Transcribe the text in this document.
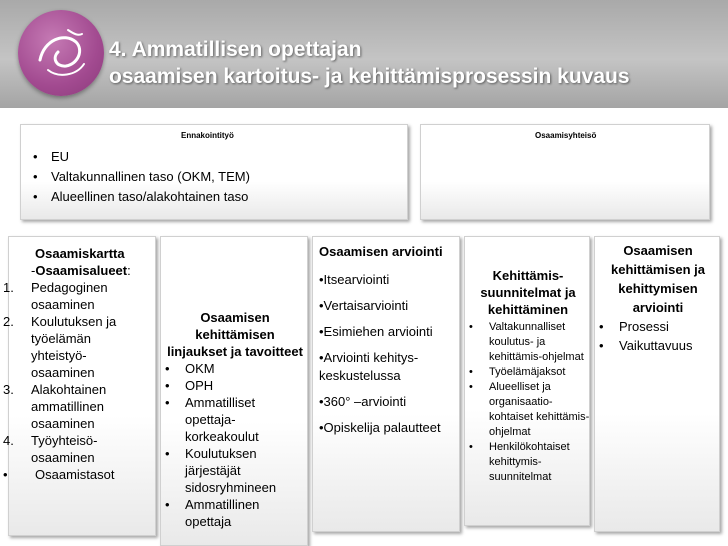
4. Ammatillisen opettajan
osaamisen kartoitus- ja kehittämisprosessin kuvaus
Ennakointityö
• EU
• Valtakunnallinen taso (OKM, TEM)
• Alueellinen taso/alakohtainen taso
Osaamisyhteisö
Osaamiskartta
-Osaamisalueet:
1. Pedagoginen osaaminen
2. Koulutuksen ja työelämän yhteistyö-osaaminen
3. Alakohtainen ammatillinen osaaminen
4. Työyhteisö-osaaminen
• Osaamistasot
Osaamisen kehittämisen
linjaukset ja tavoitteet
• OKM
• OPH
• Ammatilliset opettaja-korkeakoulut
• Koulutuksen järjestäjät sidosryhmineen
• Ammatillinen opettaja
Osaamisen arviointi
•Itsearviointi
•Vertaisarviointi
•Esimiehen arviointi
•Arviointi kehitys-keskustelussa
•360° –arviointi
•Opiskelija palautteet
Kehittämis-suunnitelmat ja kehittäminen
• Valtakunnalliset koulutus- ja kehittämis-ohjelmat
• Työelämäjaksot
• Alueelliset ja organisaatio-kohtaiset kehittämis-ohjelmat
• Henkilökohtaiset kehittymis-suunnitelmat
Osaamisen kehittämisen ja kehittymisen arviointi
• Prosessi
• Vaikuttavuus
